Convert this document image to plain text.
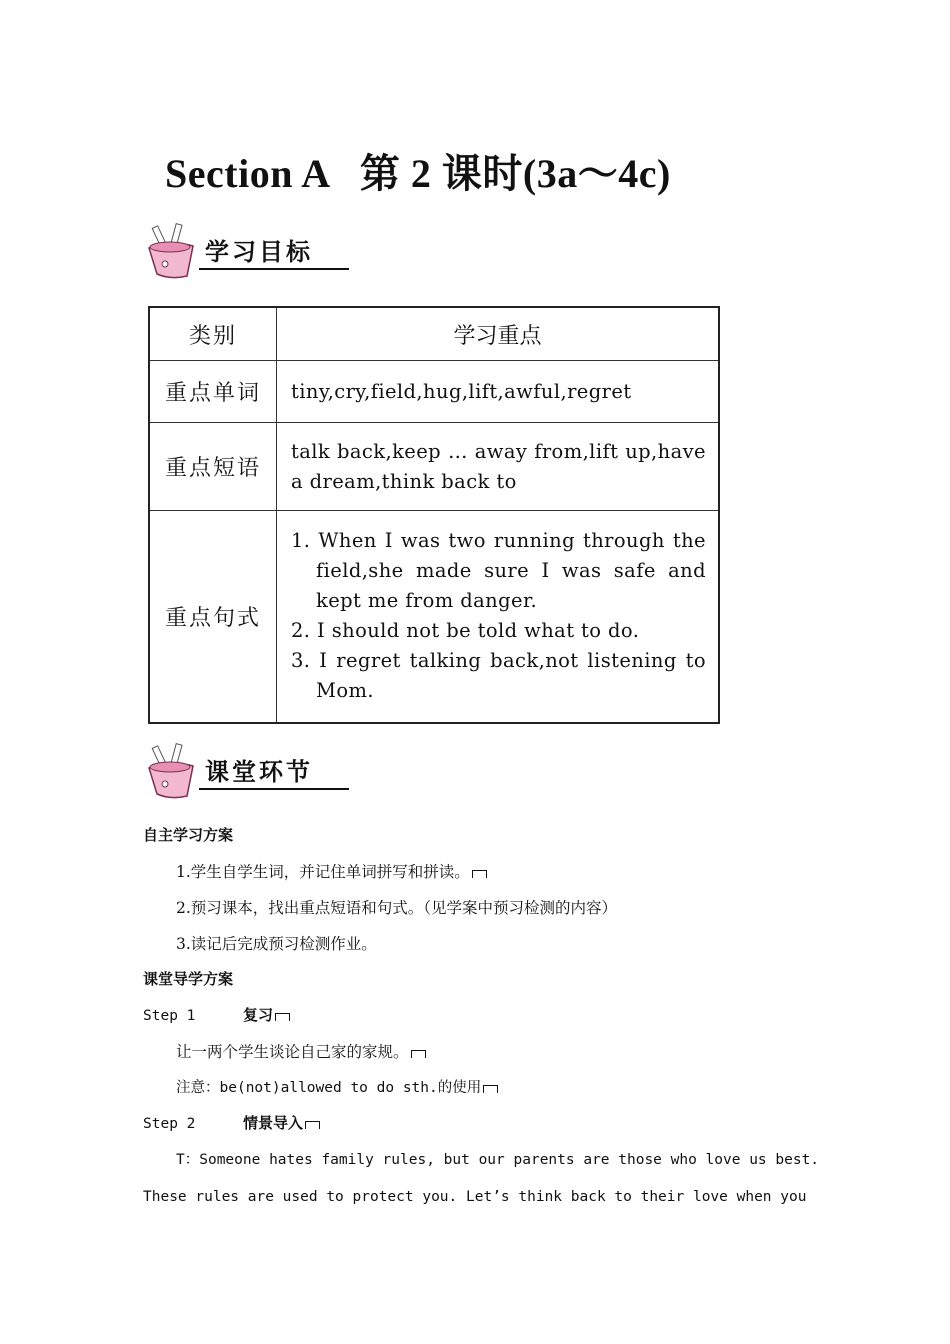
Section A   第 2 课时(3a～4c)
学习目标
类别	学习重点
重点单词	tiny,cry,field,hug,lift,awful,regret
重点短语	talk back,keep … away from,lift up,have a dream,think back to
重点句式	1. When I was two running through the field,she made sure I was safe and kept me from danger.
2. I should not be told what to do.
3. I regret talking back,not listening to Mom.
课堂环节
自主学习方案
1.学生自学生词，并记住单词拼写和拼读。
2.预习课本，找出重点短语和句式。（见学案中预习检测的内容）
3.读记后完成预习检测作业。
课堂导学方案
Step 1	复习
让一两个学生谈论自己家的家规。
注意：be(not)allowed to do sth.的使用
Step 2	情景导入
T：Someone hates family rules, but our parents are those who love us best.
These rules are used to protect you. Let’s think back to their love when you
